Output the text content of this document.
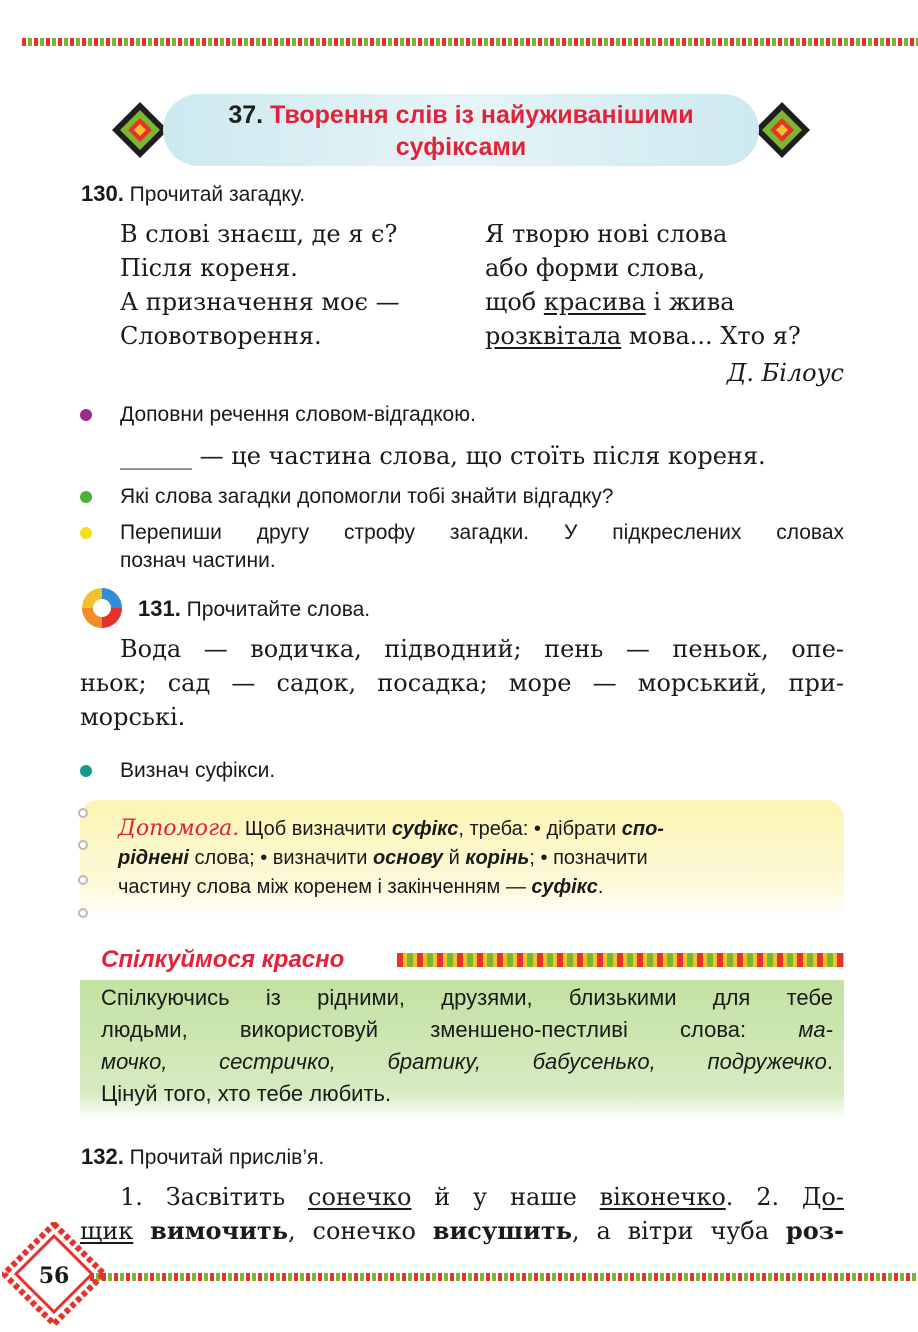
37. Творення слів із найуживанішими
суфіксами
130. Прочитай загадку.
В слові знаєш, де я є?
Після кореня.
А призначення моє —
Словотворення.
Я творю нові слова
або форми слова,
щоб красива і жива
розквітала мова... Хто я?
Д. Білоус
Доповни речення словом-відгадкою.
______ — це частина слова, що стоїть після кореня.
Які слова загадки допомогли тобі знайти відгадку?
Перепиши другу строфу загадки. У підкреслених словах
познач частини.
131. Прочитайте слова.
Вода — водичка, підводний; пень — пеньок, опе-
ньок; сад — садок, посадка; море — морський, при-
морські.
Визнач суфікси.
Допомога. Щоб визначити суфікс, треба: • дібрати спо-
ріднені слова; • визначити основу й корінь; • позначити
частину слова між коренем і закінченням — суфікс.
Спілкуймося красно
Спілкуючись із рідними, друзями, близькими для тебе
людьми, використовуй зменшено-пестливі слова: ма-
мочко, сестричко, братику, бабусенько, подружечко.
Цінуй того, хто тебе любить.
132. Прочитай прислів’я.
1. Засвітить сонечко й у наше віконечко. 2. До-
щик вимочить, сонечко висушить, а вітри чуба роз-
56
